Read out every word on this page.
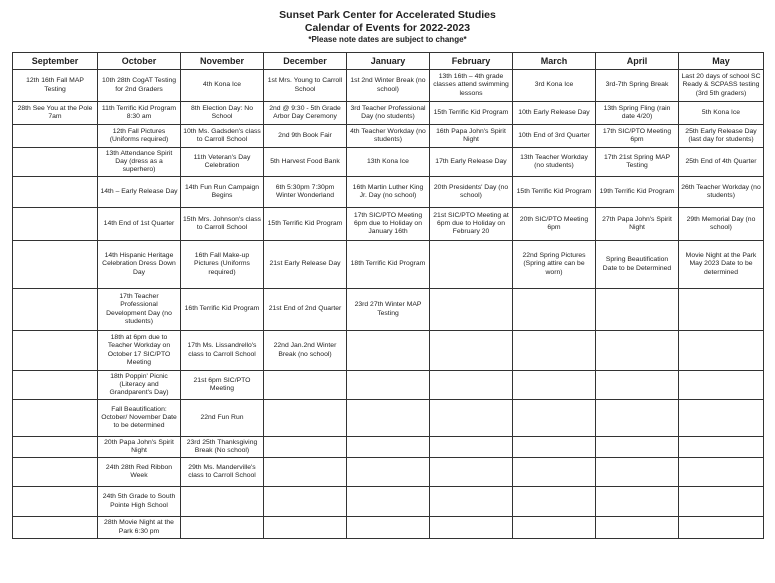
Sunset Park Center for Accelerated Studies
Calendar of Events for 2022-2023
*Please note dates are subject to change*
September	October	November	December	January	February	March	April	May

12th 16th Fall MAP Testing	10th 28th CogAT Testing for 2nd Graders	4th Kona Ice	1st Mrs. Young to Carroll School	1st 2nd Winter Break (no school)	13th 16th – 4th grade classes attend swimming lessons	3rd Kona Ice	3rd-7th Spring Break	Last 20 days of school SC Ready & SCPASS testing (3rd 5th graders)

28th See You at the Pole 7am	11th Terrific Kid Program 8:30 am	8th Election Day: No School	2nd @ 9:30 - 5th Grade Arbor Day Ceremony	3rd Teacher Professional Day (no students)	15th Terrific Kid Program	10th Early Release Day	13th Spring Fling (rain date 4/20)	5th Kona Ice

	12th Fall Pictures (Uniforms required)	10th Ms. Gadsden's class to Carroll School	2nd 9th Book Fair	4th Teacher Workday (no students)	16th Papa John's Spirit Night	10th End of 3rd Quarter	17th SIC/PTO Meeting 6pm	25th Early Release Day (last day for students)

	13th Attendance Spirit Day (dress as a superhero)	11th Veteran's Day Celebration	5th Harvest Food Bank	13th Kona Ice	17th Early Release Day	13th Teacher Workday (no students)	17th 21st Spring MAP Testing	25th End of 4th Quarter

	14th – Early Release Day	14th Fun Run Campaign Begins	6th 5:30pm 7:30pm Winter Wonderland	16th Martin Luther King Jr. Day (no school)	20th Presidents' Day (no school)	15th Terrific Kid Program	19th Terrific Kid Program	26th Teacher Workday (no students)

	14th End of 1st Quarter	15th Mrs. Johnson's class to Carroll School	15th Terrific Kid Program	17th SIC/PTO Meeting 6pm due to Holiday on January 16th	21st SIC/PTO Meeting at 6pm due to Holiday on February 20	20th SIC/PTO Meeting 6pm	27th Papa John's Spirit Night	29th Memorial Day (no school)

	14th Hispanic Heritage Celebration Dress Down Day	16th Fall Make-up Pictures (Uniforms required)	21st Early Release Day	18th Terrific Kid Program		22nd Spring Pictures (Spring attire can be worn)	Spring Beautification Date to be Determined	Movie Night at the Park May 2023 Date to be determined

	17th Teacher Professional Development Day (no students)	16th Terrific Kid Program	21st End of 2nd Quarter	23rd 27th Winter MAP Testing				

	18th at 6pm due to Teacher Workday on October 17 SIC/PTO Meeting	17th Ms. Lissandrello's class to Carroll School	22nd Jan.2nd Winter Break (no school)					

	18th Poppin' Picnic (Literacy and Grandparent's Day)	21st 6pm SIC/PTO Meeting						

	Fall Beautification: October/ November Date to be determined	22nd Fun Run						

	20th Papa John's Spirit Night	23rd 25th Thanksgiving Break (No school)						

	24th 28th Red Ribbon Week	29th Ms. Manderville's class to Carroll School						

	24th 5th Grade to South Pointe High School							

	28th Movie Night at the Park 6:30 pm							
